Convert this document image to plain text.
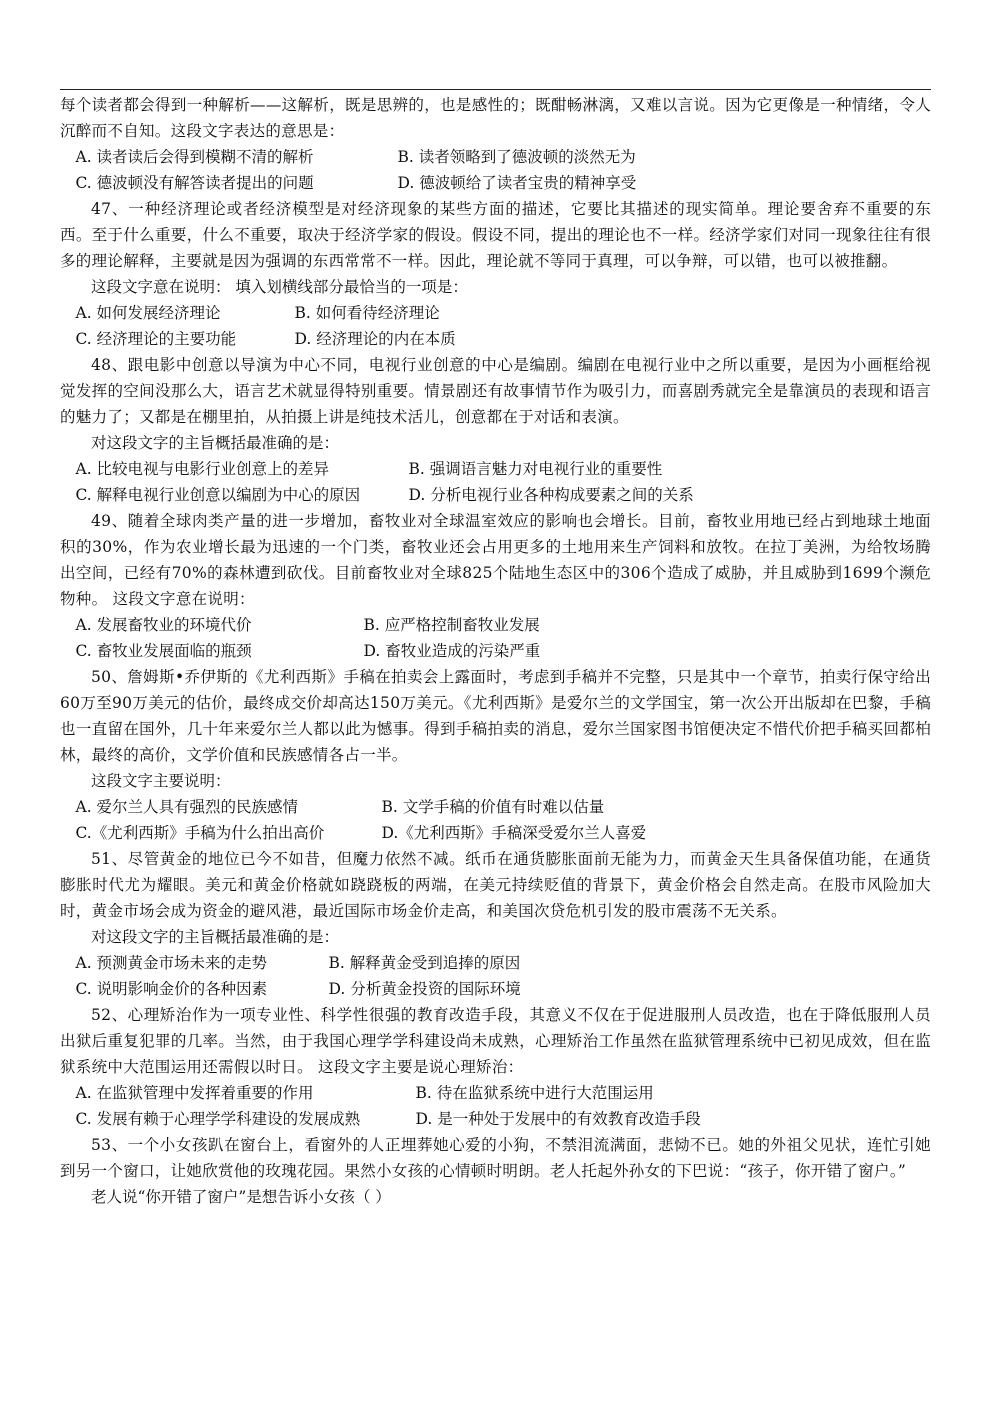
每个读者都会得到一种解析——这解析，既是思辨的，也是感性的；既酣畅淋漓，又难以言说。因为它更像是一种情绪，令人沉醉而不自知。这段文字表达的意思是：

A. 读者读后会得到模糊不清的解析	B. 读者领略到了德波顿的淡然无为
C. 德波顿没有解答读者提出的问题	D. 德波顿给了读者宝贵的精神享受

47、一种经济理论或者经济模型是对经济现象的某些方面的描述，它要比其描述的现实简单。理论要舍弃不重要的东西。至于什么重要，什么不重要，取决于经济学家的假设。假设不同，提出的理论也不一样。经济学家们对同一现象往往有很多的理论解释，主要就是因为强调的东西常常不一样。因此，理论就不等同于真理，可以争辩，可以错，也可以被推翻。

这段文字意在说明： 填入划横线部分最恰当的一项是：

A. 如何发展经济理论	B. 如何看待经济理论
C. 经济理论的主要功能	D. 经济理论的内在本质

48、跟电影中创意以导演为中心不同，电视行业创意的中心是编剧。编剧在电视行业中之所以重要，是因为小画框给视觉发挥的空间没那么大，语言艺术就显得特别重要。情景剧还有故事情节作为吸引力，而喜剧秀就完全是靠演员的表现和语言的魅力了；又都是在棚里拍，从拍摄上讲是纯技术活儿，创意都在于对话和表演。

对这段文字的主旨概括最准确的是：

A. 比较电视与电影行业创意上的差异	B. 强调语言魅力对电视行业的重要性
C. 解释电视行业创意以编剧为中心的原因	D. 分析电视行业各种构成要素之间的关系

49、随着全球肉类产量的进一步增加，畜牧业对全球温室效应的影响也会增长。目前，畜牧业用地已经占到地球土地面积的30%，作为农业增长最为迅速的一个门类，畜牧业还会占用更多的土地用来生产饲料和放牧。在拉丁美洲，为给牧场腾出空间，已经有70%的森林遭到砍伐。目前畜牧业对全球825个陆地生态区中的306个造成了威胁，并且威胁到1699个濒危物种。 这段文字意在说明：

A. 发展畜牧业的环境代价	B. 应严格控制畜牧业发展
C. 畜牧业发展面临的瓶颈	D. 畜牧业造成的污染严重

50、詹姆斯•乔伊斯的《尤利西斯》手稿在拍卖会上露面时，考虑到手稿并不完整，只是其中一个章节，拍卖行保守给出60万至90万美元的估价，最终成交价却高达150万美元。《尤利西斯》是爱尔兰的文学国宝，第一次公开出版却在巴黎，手稿也一直留在国外，几十年来爱尔兰人都以此为憾事。得到手稿拍卖的消息，爱尔兰国家图书馆便决定不惜代价把手稿买回都柏林，最终的高价，文学价值和民族感情各占一半。

这段文字主要说明：

A. 爱尔兰人具有强烈的民族感情	B. 文学手稿的价值有时难以估量
C.《尤利西斯》手稿为什么拍出高价	D.《尤利西斯》手稿深受爱尔兰人喜爱

51、尽管黄金的地位已今不如昔，但魔力依然不减。纸币在通货膨胀面前无能为力，而黄金天生具备保值功能，在通货膨胀时代尤为耀眼。美元和黄金价格就如跷跷板的两端，在美元持续贬值的背景下，黄金价格会自然走高。在股市风险加大时，黄金市场会成为资金的避风港，最近国际市场金价走高，和美国次贷危机引发的股市震荡不无关系。

对这段文字的主旨概括最准确的是：

A. 预测黄金市场未来的走势	B. 解释黄金受到追捧的原因
C. 说明影响金价的各种因素	D. 分析黄金投资的国际环境

52、心理矫治作为一项专业性、科学性很强的教育改造手段，其意义不仅在于促进服刑人员改造，也在于降低服刑人员出狱后重复犯罪的几率。当然，由于我国心理学学科建设尚未成熟，心理矫治工作虽然在监狱管理系统中已初见成效，但在监狱系统中大范围运用还需假以时日。 这段文字主要是说心理矫治：

A. 在监狱管理中发挥着重要的作用	B. 待在监狱系统中进行大范围运用
C. 发展有赖于心理学学科建设的发展成熟	D. 是一种处于发展中的有效教育改造手段

53、一个小女孩趴在窗台上，看窗外的人正埋葬她心爱的小狗，不禁泪流满面，悲恸不已。她的外祖父见状，连忙引她到另一个窗口，让她欣赏他的玫瑰花园。果然小女孩的心情顿时明朗。老人托起外孙女的下巴说：“孩子，你开错了窗户。”

老人说“你开错了窗户”是想告诉小女孩（ ）
